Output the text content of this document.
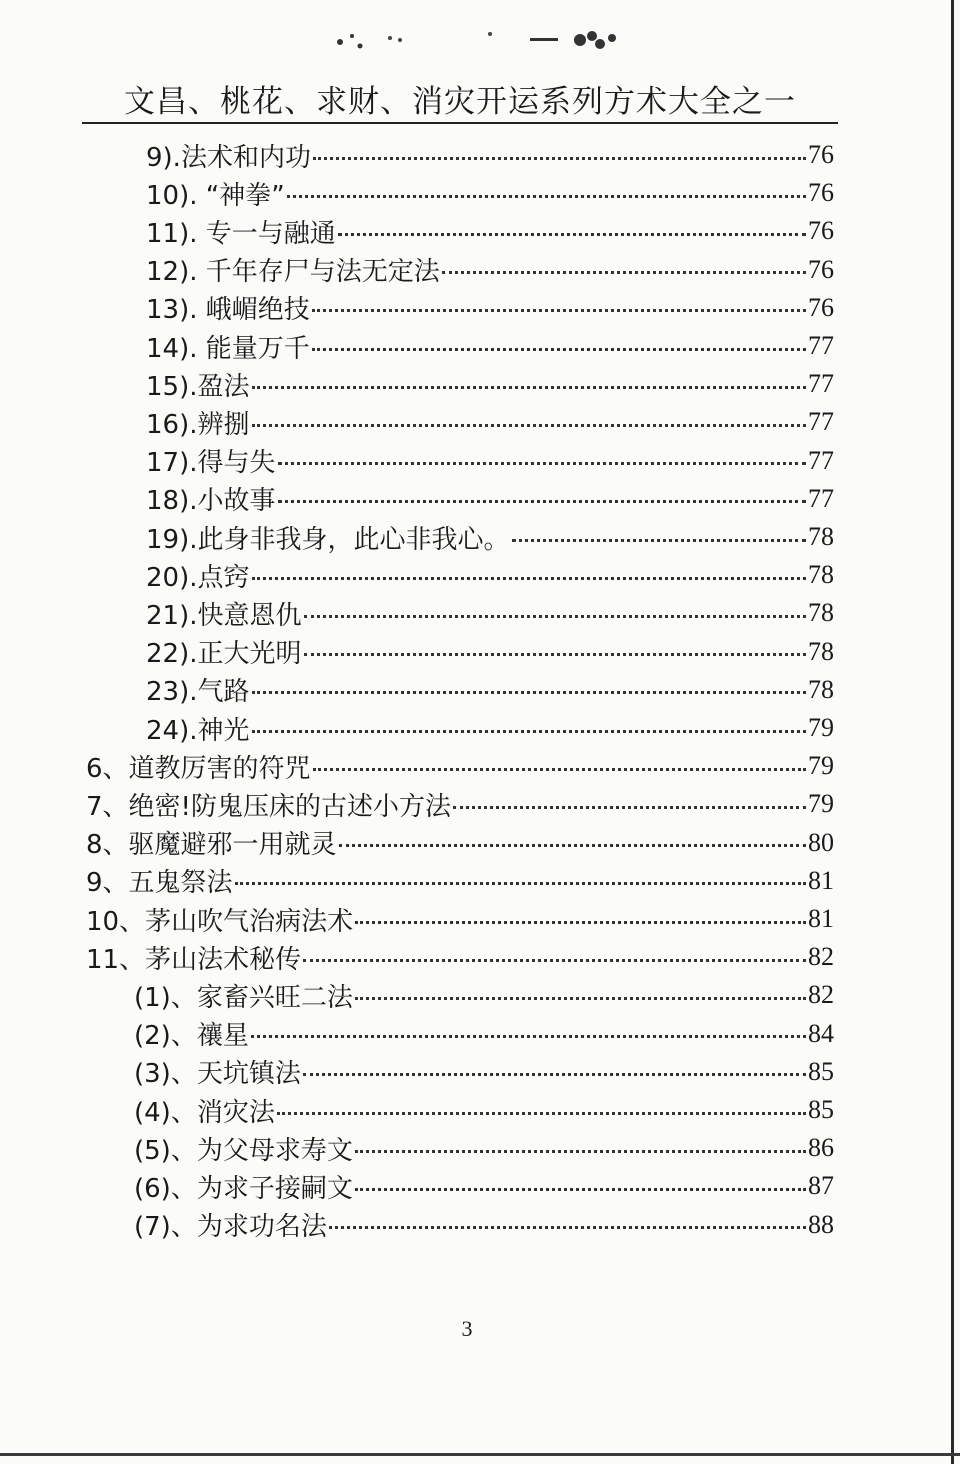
文昌、桃花、求财、消灾开运系列方术大全之一
9).法术和内功	76
10). “神拳”	76
11). 专一与融通	76
12). 千年存尸与法无定法	76
13). 峨嵋绝技	76
14). 能量万千	77
15).盈法	77
16).辨捌	77
17).得与失	77
18).小故事	77
19).此身非我身，此心非我心。	78
20).点窍	78
21).快意恩仇	78
22).正大光明	78
23).气路	78
24).神光	79
6、道教厉害的符咒	79
7、绝密!防鬼压床的古述小方法	79
8、驱魔避邪一用就灵	80
9、五鬼祭法	81
10、茅山吹气治病法术	81
11、茅山法术秘传	82
(1)、家畜兴旺二法	82
(2)、禳星	84
(3)、天坑镇法	85
(4)、消灾法	85
(5)、为父母求寿文	86
(6)、为求子接嗣文	87
(7)、为求功名法	88
3
